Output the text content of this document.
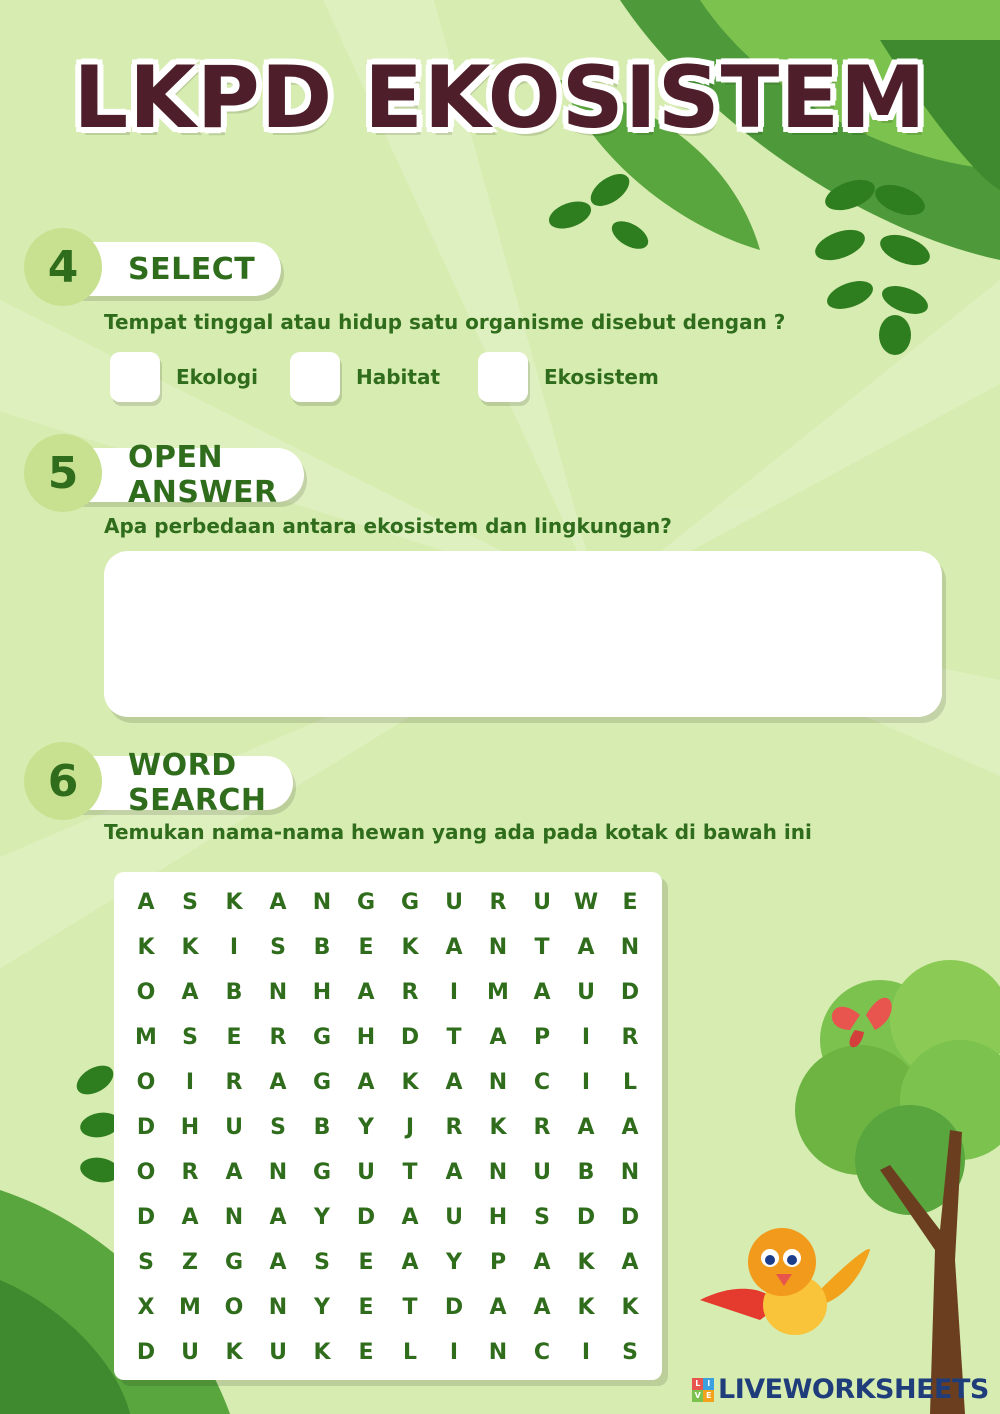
LKPD EKOSISTEM
SELECT
4
Tempat tinggal atau hidup satu organisme disebut dengan ?
Ekologi	Habitat	Ekosistem
OPEN ANSWER
5
Apa perbedaan antara ekosistem dan lingkungan?
WORD SEARCH
6
Temukan nama-nama hewan yang ada pada kotak di bawah ini
A	S	K	A	N	G	G	U	R	U	W	E
K	K	I	S	B	E	K	A	N	T	A	N
O	A	B	N	H	A	R	I	M	A	U	D
M	S	E	R	G	H	D	T	A	P	I	R
O	I	R	A	G	A	K	A	N	C	I	L
D	H	U	S	B	Y	J	R	K	R	A	A
O	R	A	N	G	U	T	A	N	U	B	N
D	A	N	A	Y	D	A	U	H	S	D	D
S	Z	G	A	S	E	A	Y	P	A	K	A
X	M	O	N	Y	E	T	D	A	A	K	K
D	U	K	U	K	E	L	I	N	C	I	S
L I
V E LIVEWORKSHEETS
